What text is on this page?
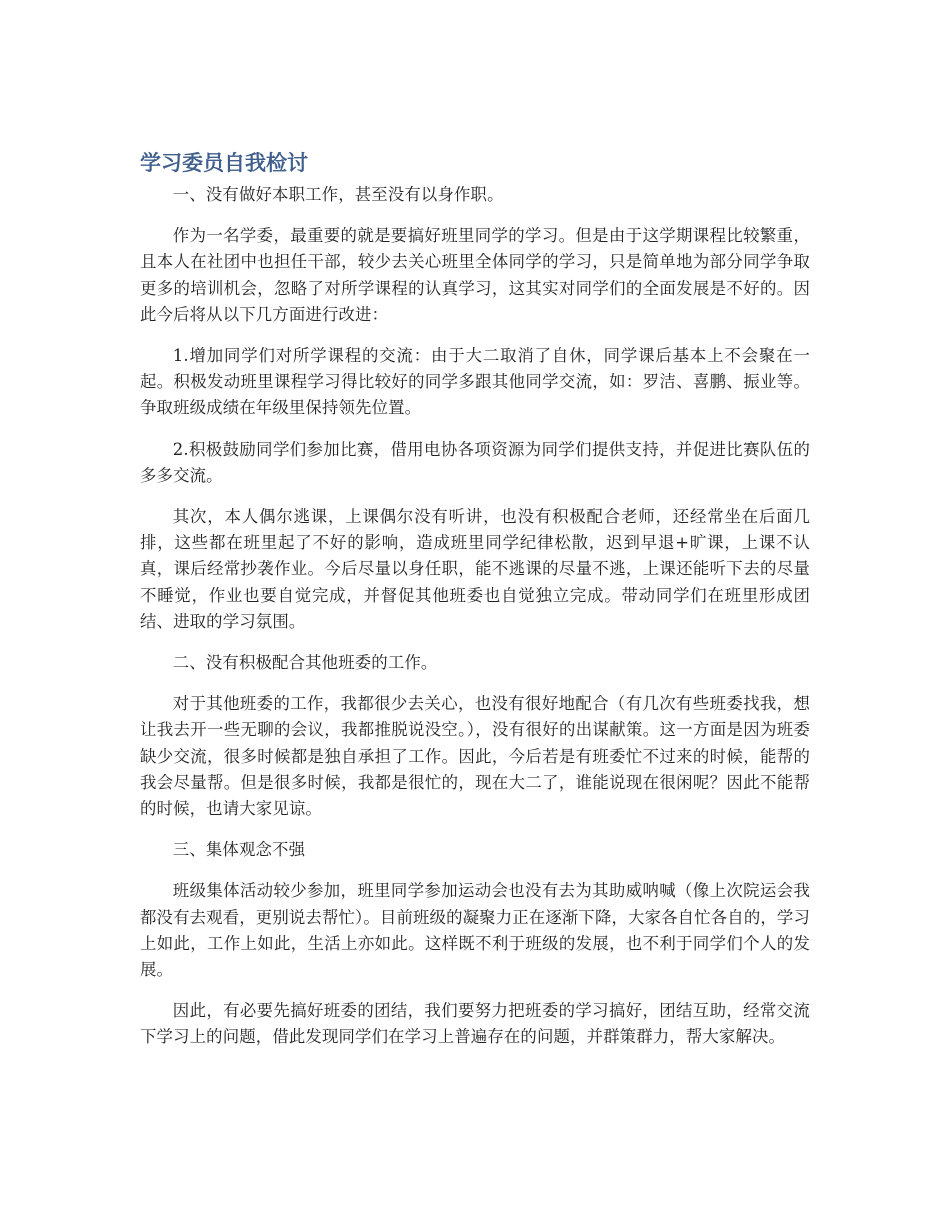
学习委员自我检讨

一、没有做好本职工作，甚至没有以身作职。

作为一名学委，最重要的就是要搞好班里同学的学习。但是由于这学期课程比较繁重，且本人在社团中也担任干部，较少去关心班里全体同学的学习，只是简单地为部分同学争取更多的培训机会，忽略了对所学课程的认真学习，这其实对同学们的全面发展是不好的。因此今后将从以下几方面进行改进：

1.增加同学们对所学课程的交流：由于大二取消了自休，同学课后基本上不会聚在一起。积极发动班里课程学习得比较好的同学多跟其他同学交流，如：罗洁、喜鹏、振业等。争取班级成绩在年级里保持领先位置。

2.积极鼓励同学们参加比赛，借用电协各项资源为同学们提供支持，并促进比赛队伍的多多交流。

其次，本人偶尔逃课，上课偶尔没有听讲，也没有积极配合老师，还经常坐在后面几排，这些都在班里起了不好的影响，造成班里同学纪律松散，迟到早退+旷课，上课不认真，课后经常抄袭作业。今后尽量以身任职，能不逃课的尽量不逃，上课还能听下去的尽量不睡觉，作业也要自觉完成，并督促其他班委也自觉独立完成。带动同学们在班里形成团结、进取的学习氛围。

二、没有积极配合其他班委的工作。

对于其他班委的工作，我都很少去关心，也没有很好地配合（有几次有些班委找我，想让我去开一些无聊的会议，我都推脱说没空。），没有很好的出谋献策。这一方面是因为班委缺少交流，很多时候都是独自承担了工作。因此，今后若是有班委忙不过来的时候，能帮的我会尽量帮。但是很多时候，我都是很忙的，现在大二了，谁能说现在很闲呢？因此不能帮的时候，也请大家见谅。

三、集体观念不强

班级集体活动较少参加，班里同学参加运动会也没有去为其助威呐喊（像上次院运会我都没有去观看，更别说去帮忙）。目前班级的凝聚力正在逐渐下降，大家各自忙各自的，学习上如此，工作上如此，生活上亦如此。这样既不利于班级的发展，也不利于同学们个人的发展。

因此，有必要先搞好班委的团结，我们要努力把班委的学习搞好，团结互助，经常交流下学习上的问题，借此发现同学们在学习上普遍存在的问题，并群策群力，帮大家解决。
